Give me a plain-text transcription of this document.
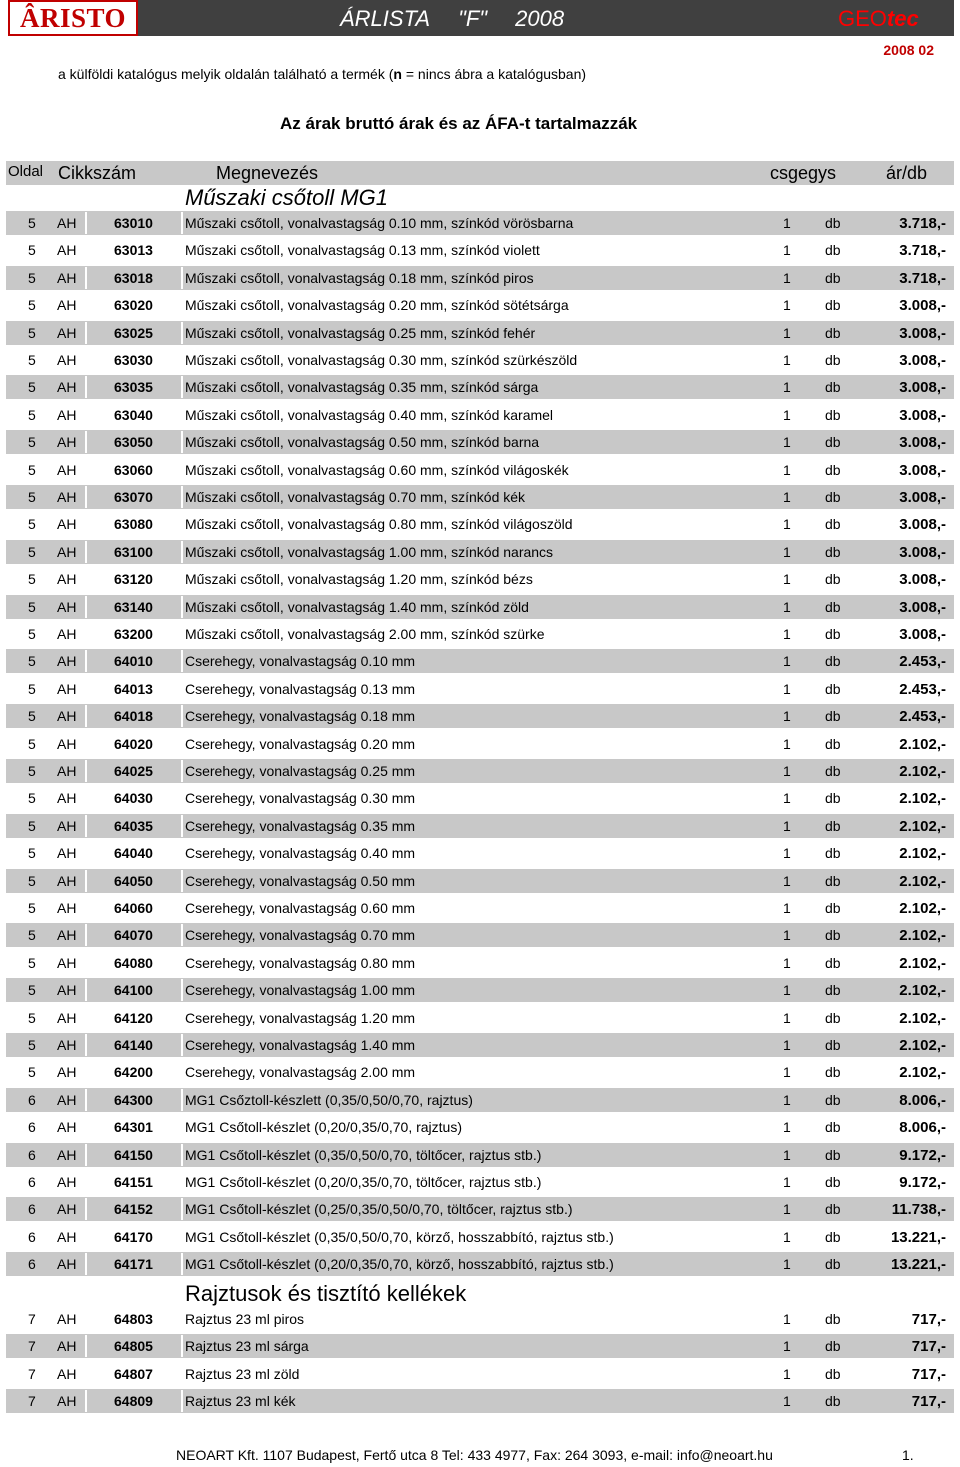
ÂRISTO	ÁRLISTA "F" 2008	GEOtec
2008 02
a külföldi katalógus melyik oldalán található a termék (n = nincs ábra a katalógusban)
Az árak bruttó árak és az ÁFA-t tartalmazzák
Oldal Cikkszám	Megnevezés	csgegys	ár/db
Műszaki csőtoll MG1
Rajztusok és tisztító kellékek
5 AH	63010 Műszaki csőtoll, vonalvastagság 0.10 mm, színkód vörösbarna	1 db	3.718,-
5 AH	63013 Műszaki csőtoll, vonalvastagság 0.13 mm, színkód violett	1 db	3.718,-
5 AH	63018 Műszaki csőtoll, vonalvastagság 0.18 mm, színkód piros	1 db	3.718,-
5 AH	63020 Műszaki csőtoll, vonalvastagság 0.20 mm, színkód sötétsárga	1 db	3.008,-
5 AH	63025 Műszaki csőtoll, vonalvastagság 0.25 mm, színkód fehér	1 db	3.008,-
5 AH	63030 Műszaki csőtoll, vonalvastagság 0.30 mm, színkód szürkészöld	1 db	3.008,-
5 AH	63035 Műszaki csőtoll, vonalvastagság 0.35 mm, színkód sárga	1 db	3.008,-
5 AH	63040 Műszaki csőtoll, vonalvastagság 0.40 mm, színkód karamel	1 db	3.008,-
5 AH	63050 Műszaki csőtoll, vonalvastagság 0.50 mm, színkód barna	1 db	3.008,-
5 AH	63060 Műszaki csőtoll, vonalvastagság 0.60 mm, színkód világoskék	1 db	3.008,-
5 AH	63070 Műszaki csőtoll, vonalvastagság 0.70 mm, színkód kék	1 db	3.008,-
5 AH	63080 Műszaki csőtoll, vonalvastagság 0.80 mm, színkód világoszöld	1 db	3.008,-
5 AH	63100 Műszaki csőtoll, vonalvastagság 1.00 mm, színkód narancs	1 db	3.008,-
5 AH	63120 Műszaki csőtoll, vonalvastagság 1.20 mm, színkód bézs	1 db	3.008,-
5 AH	63140 Műszaki csőtoll, vonalvastagság 1.40 mm, színkód zöld	1 db	3.008,-
5 AH	63200 Műszaki csőtoll, vonalvastagság 2.00 mm, színkód szürke	1 db	3.008,-
5 AH	64010 Cserehegy, vonalvastagság 0.10 mm	1 db	2.453,-
5 AH	64013 Cserehegy, vonalvastagság 0.13 mm	1 db	2.453,-
5 AH	64018 Cserehegy, vonalvastagság 0.18 mm	1 db	2.453,-
5 AH	64020 Cserehegy, vonalvastagság 0.20 mm	1 db	2.102,-
5 AH	64025 Cserehegy, vonalvastagság 0.25 mm	1 db	2.102,-
5 AH	64030 Cserehegy, vonalvastagság 0.30 mm	1 db	2.102,-
5 AH	64035 Cserehegy, vonalvastagság 0.35 mm	1 db	2.102,-
5 AH	64040 Cserehegy, vonalvastagság 0.40 mm	1 db	2.102,-
5 AH	64050 Cserehegy, vonalvastagság 0.50 mm	1 db	2.102,-
5 AH	64060 Cserehegy, vonalvastagság 0.60 mm	1 db	2.102,-
5 AH	64070 Cserehegy, vonalvastagság 0.70 mm	1 db	2.102,-
5 AH	64080 Cserehegy, vonalvastagság 0.80 mm	1 db	2.102,-
5 AH	64100 Cserehegy, vonalvastagság 1.00 mm	1 db	2.102,-
5 AH	64120 Cserehegy, vonalvastagság 1.20 mm	1 db	2.102,-
5 AH	64140 Cserehegy, vonalvastagság 1.40 mm	1 db	2.102,-
5 AH	64200 Cserehegy, vonalvastagság 2.00 mm	1 db	2.102,-
6 AH	64300 MG1 Csőztoll-készlett (0,35/0,50/0,70, rajztus)	1 db	8.006,-
6 AH	64301 MG1 Csőtoll-készlet (0,20/0,35/0,70, rajztus)	1 db	8.006,-
6 AH	64150 MG1 Csőtoll-készlet (0,35/0,50/0,70, töltőcer, rajztus stb.)	1 db	9.172,-
6 AH	64151 MG1 Csőtoll-készlet (0,20/0,35/0,70, töltőcer, rajztus stb.)	1 db	9.172,-
6 AH	64152 MG1 Csőtoll-készlet (0,25/0,35/0,50/0,70, töltőcer, rajztus stb.)	1 db	11.738,-
6 AH	64170 MG1 Csőtoll-készlet (0,35/0,50/0,70, körző, hosszabbító, rajztus stb.)	1 db	13.221,-
6 AH	64171 MG1 Csőtoll-készlet (0,20/0,35/0,70, körző, hosszabbító, rajztus stb.)	1 db	13.221,-
7 AH	64803 Rajztus 23 ml piros	1 db	717,-
7 AH	64805 Rajztus 23 ml sárga	1 db	717,-
7 AH	64807 Rajztus 23 ml zöld	1 db	717,-
7 AH	64809 Rajztus 23 ml kék	1 db	717,-
NEOART Kft. 1107 Budapest, Fertő utca 8 Tel: 433 4977, Fax: 264 3093, e-mail: info@neoart.hu	1.
